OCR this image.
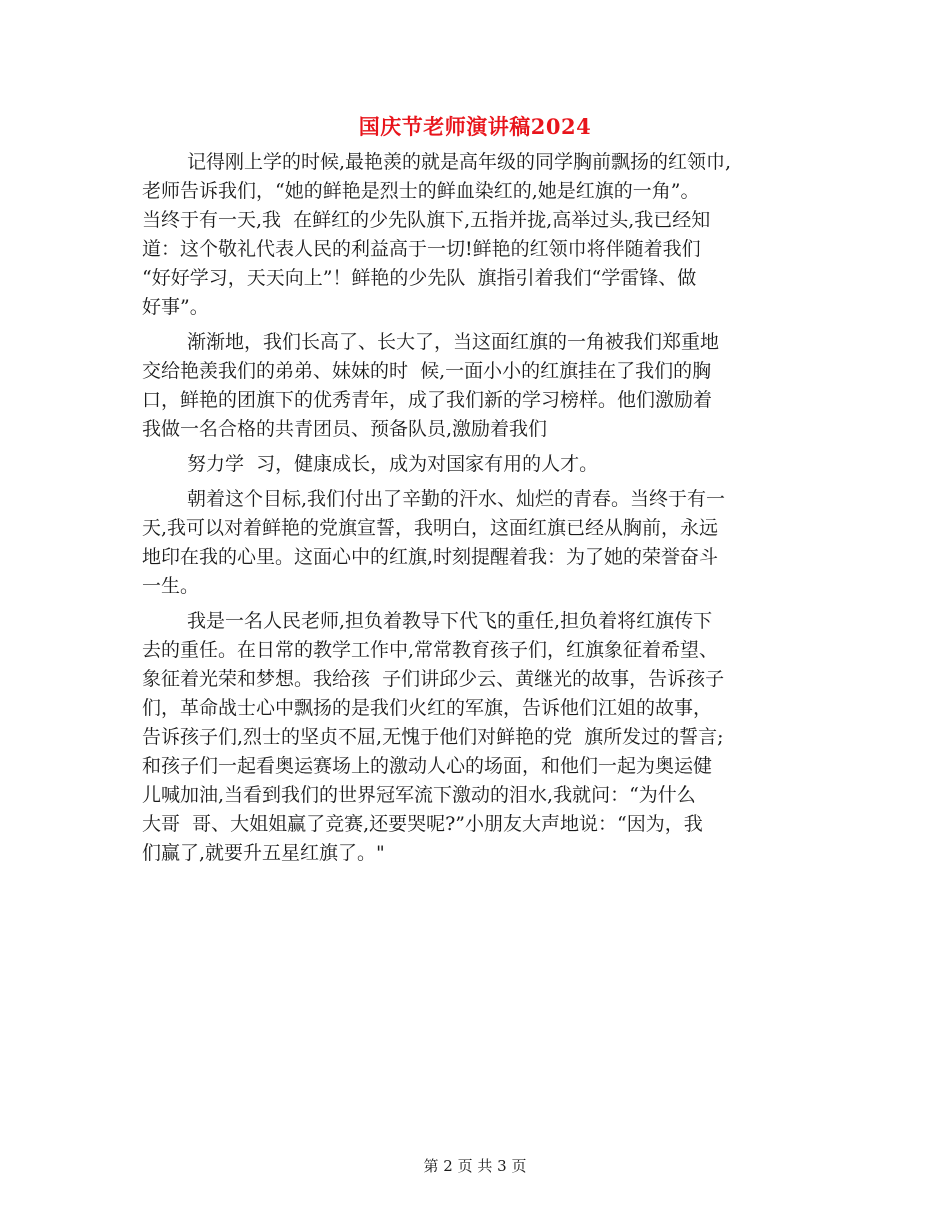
国庆节老师演讲稿2024
记得刚上学的时候,最艳羡的就是高年级的同学胸前飘扬的红领巾,
老师告诉我们，“她的鲜艳是烈士的鲜血染红的,她是红旗的一角”。
当终于有一天,我  在鲜红的少先队旗下,五指并拢,高举过头,我已经知
道：这个敬礼代表人民的利益高于一切!鲜艳的红领巾将伴随着我们
“好好学习，天天向上”！鲜艳的少先队  旗指引着我们“学雷锋、做
好事”。
渐渐地，我们长高了、长大了，当这面红旗的一角被我们郑重地
交给艳羡我们的弟弟、妹妹的时  候,一面小小的红旗挂在了我们的胸
口，鲜艳的团旗下的优秀青年，成了我们新的学习榜样。他们激励着
我做一名合格的共青团员、预备队员,激励着我们
努力学  习，健康成长，成为对国家有用的人才。
朝着这个目标,我们付出了辛勤的汗水、灿烂的青春。当终于有一
天,我可以对着鲜艳的党旗宣誓，我明白，这面红旗已经从胸前，永远
地印在我的心里。这面心中的红旗,时刻提醒着我：为了她的荣誉奋斗
一生。
我是一名人民老师,担负着教导下代飞的重任,担负着将红旗传下
去的重任。在日常的教学工作中,常常教育孩子们，红旗象征着希望、
象征着光荣和梦想。我给孩  子们讲邱少云、黄继光的故事，告诉孩子
们，革命战士心中飘扬的是我们火红的军旗，告诉他们江姐的故事，
告诉孩子们,烈士的坚贞不屈,无愧于他们对鲜艳的党  旗所发过的誓言;
和孩子们一起看奥运赛场上的激动人心的场面，和他们一起为奥运健
儿喊加油,当看到我们的世界冠军流下激动的泪水,我就问：“为什么
大哥  哥、大姐姐赢了竞赛,还要哭呢?”小朋友大声地说：“因为，我
们赢了,就要升五星红旗了。"
第 2 页 共 3 页
